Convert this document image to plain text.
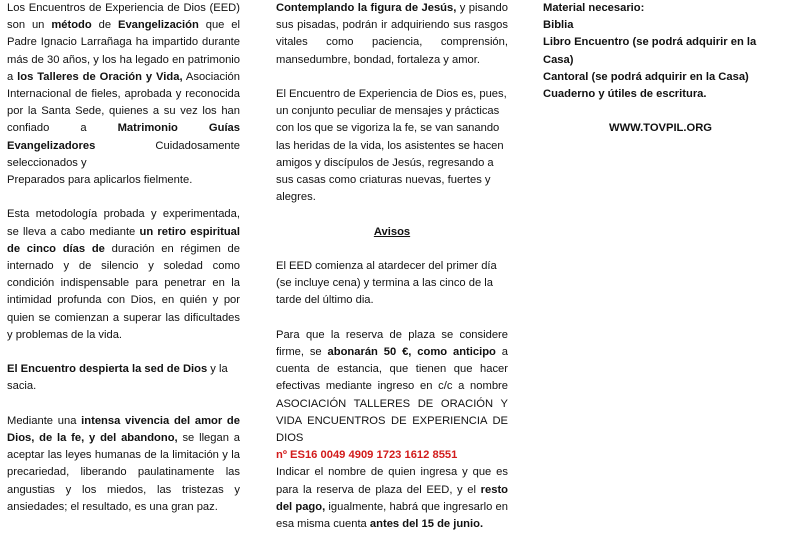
Los Encuentros de Experiencia de Dios (EED) son un método de Evangelización que el Padre Ignacio Larrañaga ha impartido durante más de 30 años, y los ha legado en patrimonio a los Talleres de Oración y Vida, Asociación Internacional de fieles, aprobada y reconocida por la Santa Sede, quienes a su vez los han confiado a Matrimonio Guías Evangelizadores Cuidadosamente seleccionados y
Preparados para aplicarlos fielmente.

Esta metodología probada y experimentada, se lleva a cabo mediante un retiro espiritual de cinco días de duración en régimen de internado y de silencio y soledad como condición indispensable para penetrar en la intimidad profunda con Dios, en quién y por quien se comienzan a superar las dificultades y problemas de la vida.

El Encuentro despierta la sed de Dios y la sacia.

Mediante una intensa vivencia del amor de Dios, de la fe, y del abandono, se llegan a aceptar las leyes humanas de la limitación y la precariedad, liberando paulatinamente las angustias y los miedos, las tristezas y ansiedades; el resultado, es una gran paz.

Contemplando la figura de Jesús, y pisando sus pisadas, podrán ir adquiriendo sus rasgos vitales como paciencia, comprensión, mansedumbre, bondad, fortaleza y amor.

El Encuentro de Experiencia de Dios es, pues, un conjunto peculiar de mensajes y prácticas con los que se vigoriza la fe, se van sanando las heridas de la vida, los asistentes se hacen amigos y discípulos de Jesús, regresando a sus casas como criaturas nuevas, fuertes y alegres.

Avisos

El EED comienza al atardecer del primer día
(se incluye cena) y termina a las cinco de la tarde del último dia.

Para que la reserva de plaza se considere firme, se abonarán 50 €, como anticipo a cuenta de estancia, que tienen que hacer efectivas mediante ingreso en c/c a nombre ASOCIACIÓN TALLERES DE ORACIÓN Y VIDA ENCUENTROS DE EXPERIENCIA DE DIOS
nº ES16 0049 4909 1723 1612 8551
Indicar el nombre de quien ingresa y que es para la reserva de plaza del EED, y el resto del pago, igualmente, habrá que ingresarlo en esa misma cuenta antes del 15 de junio.

Material necesario:

Biblia

Libro Encuentro (se podrá adquirir en la Casa)

Cantoral (se podrá adquirir en la Casa)

Cuaderno y útiles de escritura.

WWW.TOVPIL.ORG
